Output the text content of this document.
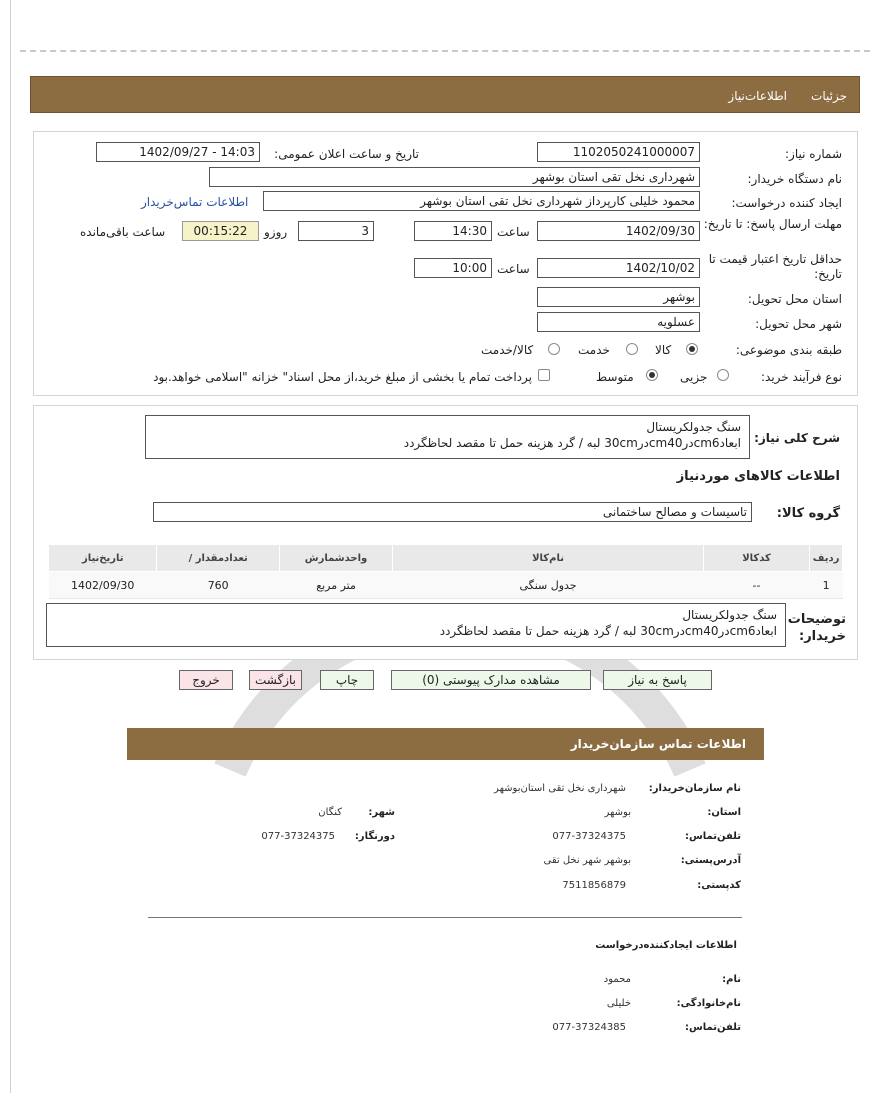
جزئیات
اطلاعات‌نیاز
شماره نیاز:
1102050241000007
تاریخ و ساعت اعلان عمومی:
1402/09/27 - 14:03
نام دستگاه خریدار:
شهرداری نخل تقی استان بوشهر
ایجاد کننده درخواست:
محمود خلیلی کارپرداز شهرداری نخل تقی استان بوشهر
اطلاعات تماس‌خریدار
مهلت ارسال پاسخ: تا تاریخ:
1402/09/30
ساعت
14:30
3
روزو
00:15:22
ساعت باقی‌مانده
حداقل تاریخ اعتبار قیمت تا تاریخ:
1402/10/02
ساعت
10:00
استان محل تحویل:
بوشهر
شهر محل تحویل:
عسلویه
طبقه بندی موضوعی:
کالا
خدمت
کالا/خدمت
نوع فرآیند خرید:
جزیی
متوسط
پرداخت تمام یا بخشی از مبلغ خرید،از محل اسناد" خزانه "اسلامی خواهد.بود
شرح کلی نیاز:
سنگ جدولکریستال
ابعادcm6درcm40در30cm لبه / گرد هزینه حمل تا مقصد لحاظگردد
اطلاعات کالاهای موردنیاز
گروه کالا:
تاسیسات و مصالح ساختمانی
ردیف	کدکالا	نام‌کالا	واحدشمارش	تعدادمقدار /	تاریخ‌نیاز
1	--	جدول سنگی	متر مربع	760	1402/09/30
توضیحات خریدار:
سنگ جدولکریستال
ابعادcm6درcm40در30cm لبه / گرد هزینه حمل تا مقصد لحاظگردد
پاسخ به نیاز
مشاهده مدارک پیوستی (0)
چاپ
بازگشت
خروج
اطلاعات تماس سازمان‌خریدار
نام سازمان‌خریدار:
شهرداری نخل تقی استان‌بوشهر
استان:
بوشهر
شهر:
کنگان
تلفن‌تماس:
077-37324375
دورنگار:
077-37324375
آدرس‌پستی:
بوشهر شهر نخل تقی
کدپستی:
7511856879
اطلاعات ایجادکننده‌درخواست
نام:
محمود
نام‌خانوادگی:
خلیلی
تلفن‌تماس:
077-37324385
